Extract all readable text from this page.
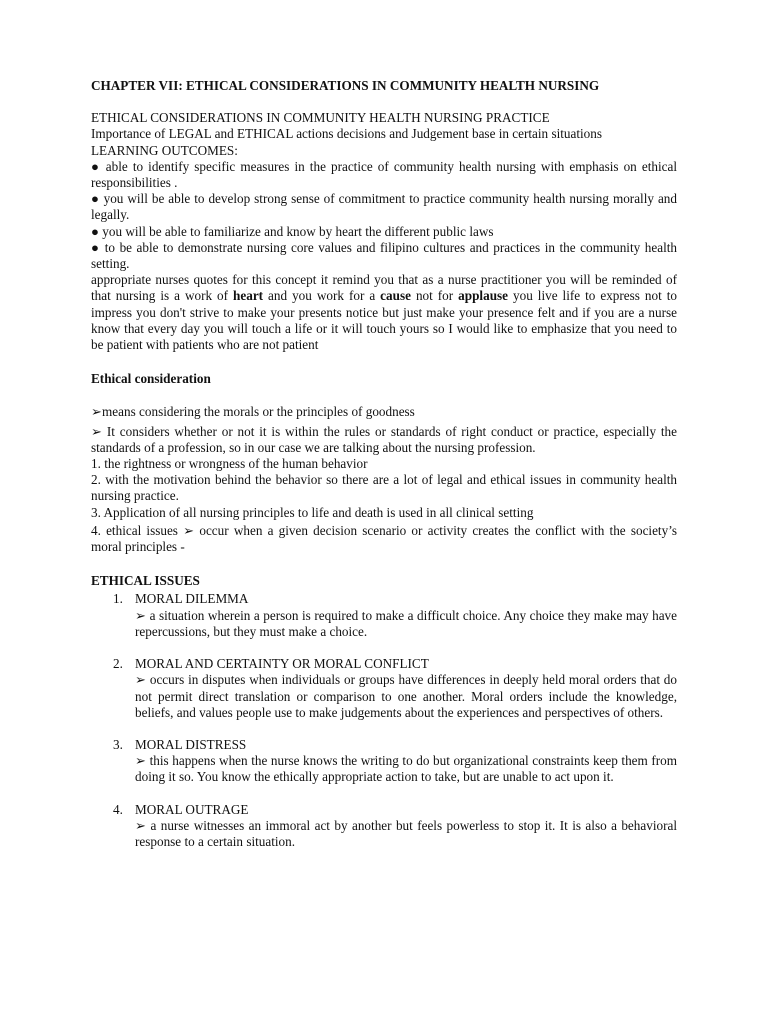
CHAPTER VII: ETHICAL CONSIDERATIONS IN COMMUNITY HEALTH NURSING

ETHICAL CONSIDERATIONS IN COMMUNITY HEALTH NURSING PRACTICE

Importance of LEGAL and ETHICAL actions decisions and Judgement base in certain situations

LEARNING OUTCOMES:

● able to identify specific measures in the practice of community health nursing with emphasis on ethical responsibilities .

● you will be able to develop strong sense of commitment to practice community health nursing morally and legally.

● you will be able to familiarize and know by heart the different public laws

● to be able to demonstrate nursing core values and filipino cultures and practices in the community health setting.

appropriate nurses quotes for this concept it remind you that as a nurse practitioner you will be reminded of that nursing is a work of heart and you work for a cause not for applause you live life to express not to impress you don't strive to make your presents notice but just make your presence felt and if you are a nurse know that every day you will touch a life or it will touch yours so I would like to emphasize that you need to be patient with patients who are not patient

Ethical consideration

➢means considering the morals or the principles of goodness

➢ It considers whether or not it is within the rules or standards of right conduct or practice, especially the standards of a profession, so in our case we are talking about the nursing profession.

1. the rightness or wrongness of the human behavior

2. with the motivation behind the behavior so there are a lot of legal and ethical issues in community health nursing practice.

3. Application of all nursing principles to life and death is used in all clinical setting

4. ethical issues ➢ occur when a given decision scenario or activity creates the conflict with the society’s moral principles -

ETHICAL ISSUES

1. MORAL DILEMMA

➢ a situation wherein a person is required to make a difficult choice. Any choice they make may have repercussions, but they must make a choice.

2. MORAL AND CERTAINTY OR MORAL CONFLICT

➢ occurs in disputes when individuals or groups have differences in deeply held moral orders that do not permit direct translation or comparison to one another. Moral orders include the knowledge, beliefs, and values people use to make judgements about the experiences and perspectives of others.

3. MORAL DISTRESS

➢ this happens when the nurse knows the writing to do but organizational constraints keep them from doing it so. You know the ethically appropriate action to take, but are unable to act upon it.

4. MORAL OUTRAGE

➢ a nurse witnesses an immoral act by another but feels powerless to stop it. It is also a behavioral response to a certain situation.
